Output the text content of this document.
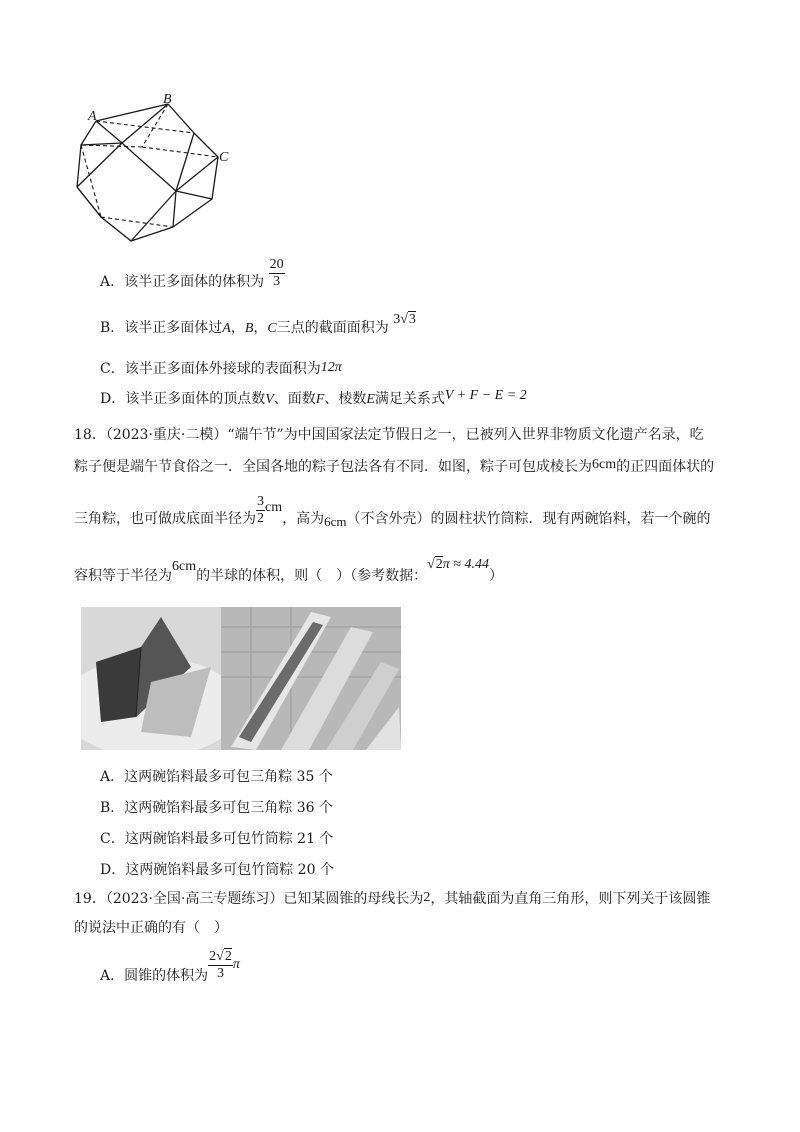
A
B
C
A．该半正多面体的体积为 $\frac{20}{3}$
B．该半正多面体过A，B，C三点的截面面积为 3√3
C．该半正多面体外接球的表面积为12π
D．该半正多面体的顶点数V、面数F、棱数E满足关系式V + F − E = 2
18．（2023·重庆·二模）“端午节”为中国国家法定节假日之一，已被列入世界非物质文化遗产名录，吃
粽子便是端午节食俗之一．全国各地的粽子包法各有不同．如图，粽子可包成棱长为6cm的正四面体状的
三角粽，也可做成底面半径为 $\frac{3}{2}$ cm，高为6cm（不含外壳）的圆柱状竹筒粽．现有两碗馅料，若一个碗的
容积等于半径为6cm的半球的体积，则（　）（参考数据：√2π ≈ 4.44）
A．这两碗馅料最多可包三角粽 35 个
B．这两碗馅料最多可包三角粽 36 个
C．这两碗馅料最多可包竹筒粽 21 个
D．这两碗馅料最多可包竹筒粽 20 个
19．（2023·全国·高三专题练习）已知某圆锥的母线长为2，其轴截面为直角三角形，则下列关于该圆锥
的说法中正确的有（　）
A．圆锥的体积为 $\frac{2√2}{3}$ π
